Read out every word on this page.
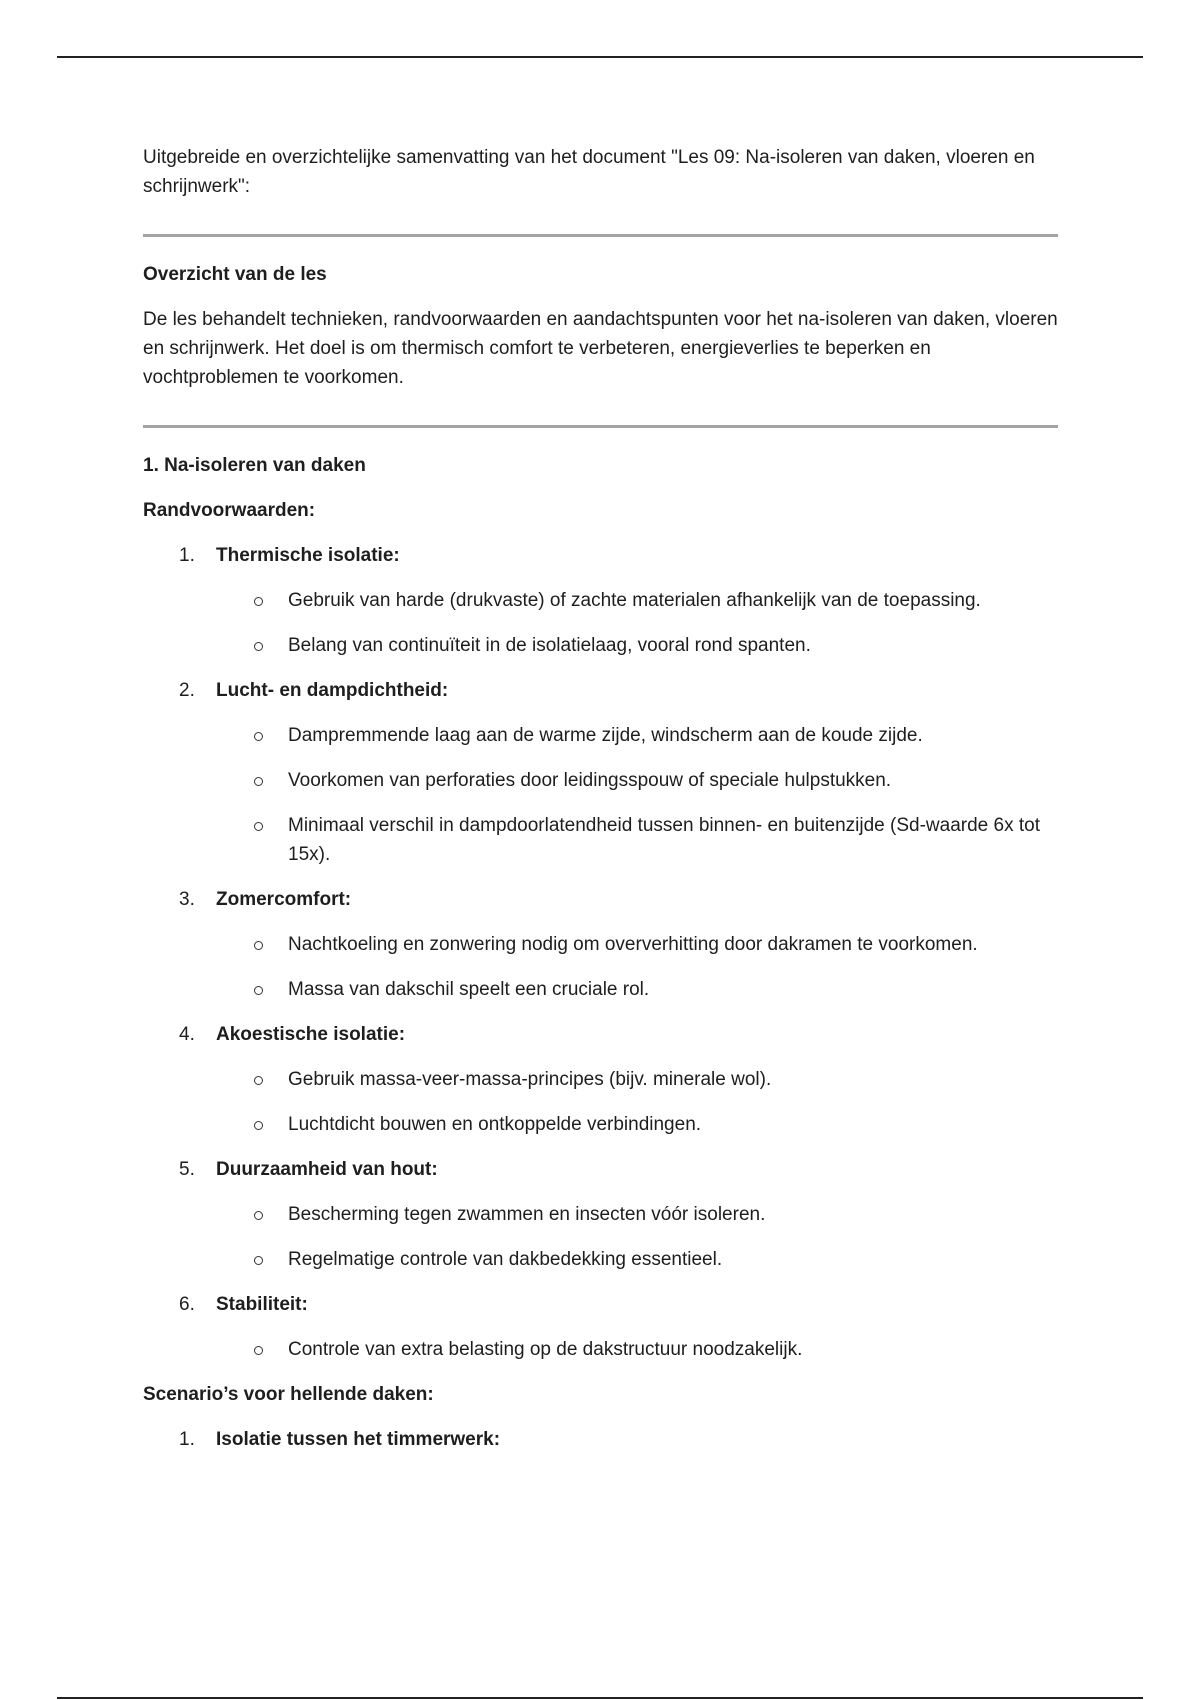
Uitgebreide en overzichtelijke samenvatting van het document "Les 09: Na-isoleren van daken, vloeren en schrijnwerk":

Overzicht van de les

De les behandelt technieken, randvoorwaarden en aandachtspunten voor het na-isoleren van daken, vloeren en schrijnwerk. Het doel is om thermisch comfort te verbeteren, energieverlies te beperken en vochtproblemen te voorkomen.

1. Na-isoleren van daken

Randvoorwaarden:

1. Thermische isolatie:

Gebruik van harde (drukvaste) of zachte materialen afhankelijk van de toepassing.
Belang van continuïteit in de isolatielaag, vooral rond spanten.
2. Lucht- en dampdichtheid:

Dampremmende laag aan de warme zijde, windscherm aan de koude zijde.
Voorkomen van perforaties door leidingsspouw of speciale hulpstukken.
Minimaal verschil in dampdoorlatendheid tussen binnen- en buitenzijde (Sd-waarde 6x tot 15x).
3. Zomercomfort:

Nachtkoeling en zonwering nodig om oververhitting door dakramen te voorkomen.
Massa van dakschil speelt een cruciale rol.
4. Akoestische isolatie:

Gebruik massa-veer-massa-principes (bijv. minerale wol).
Luchtdicht bouwen en ontkoppelde verbindingen.
5. Duurzaamheid van hout:

Bescherming tegen zwammen en insecten vóór isoleren.
Regelmatige controle van dakbedekking essentieel.
6. Stabiliteit:

Controle van extra belasting op de dakstructuur noodzakelijk.

Scenario’s voor hellende daken:

1. Isolatie tussen het timmerwerk:
